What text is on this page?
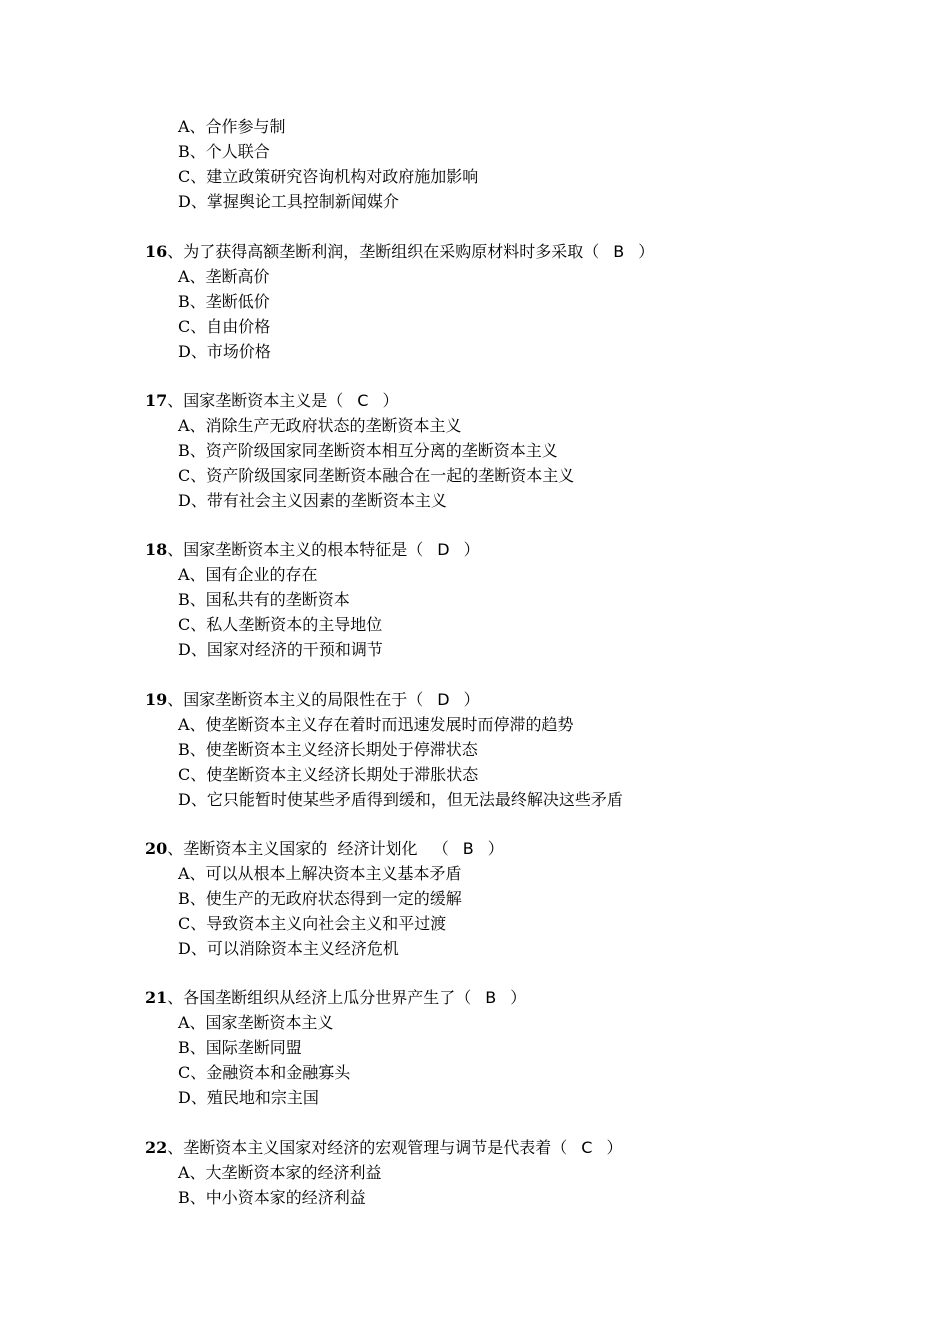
A、合作参与制
B、个人联合
C、建立政策研究咨询机构对政府施加影响
D、掌握舆论工具控制新闻媒介
16、为了获得高额垄断利润，垄断组织在采购原材料时多采取（ B ）
A、垄断高价
B、垄断低价
C、自由价格
D、市场价格
17、国家垄断资本主义是（ C ）
A、消除生产无政府状态的垄断资本主义
B、资产阶级国家同垄断资本相互分离的垄断资本主义
C、资产阶级国家同垄断资本融合在一起的垄断资本主义
D、带有社会主义因素的垄断资本主义
18、国家垄断资本主义的根本特征是（ D ）
A、国有企业的存在
B、国私共有的垄断资本
C、私人垄断资本的主导地位
D、国家对经济的干预和调节
19、国家垄断资本主义的局限性在于（ D ）
A、使垄断资本主义存在着时而迅速发展时而停滞的趋势
B、使垄断资本主义经济长期处于停滞状态
C、使垄断资本主义经济长期处于滞胀状态
D、它只能暂时使某些矛盾得到缓和，但无法最终解决这些矛盾
20、垄断资本主义国家的  经济计划化   （ B ）
A、可以从根本上解决资本主义基本矛盾
B、使生产的无政府状态得到一定的缓解
C、导致资本主义向社会主义和平过渡
D、可以消除资本主义经济危机
21、各国垄断组织从经济上瓜分世界产生了（ B ）
A、国家垄断资本主义
B、国际垄断同盟
C、金融资本和金融寡头
D、殖民地和宗主国
22、垄断资本主义国家对经济的宏观管理与调节是代表着（ C ）
A、大垄断资本家的经济利益
B、中小资本家的经济利益
